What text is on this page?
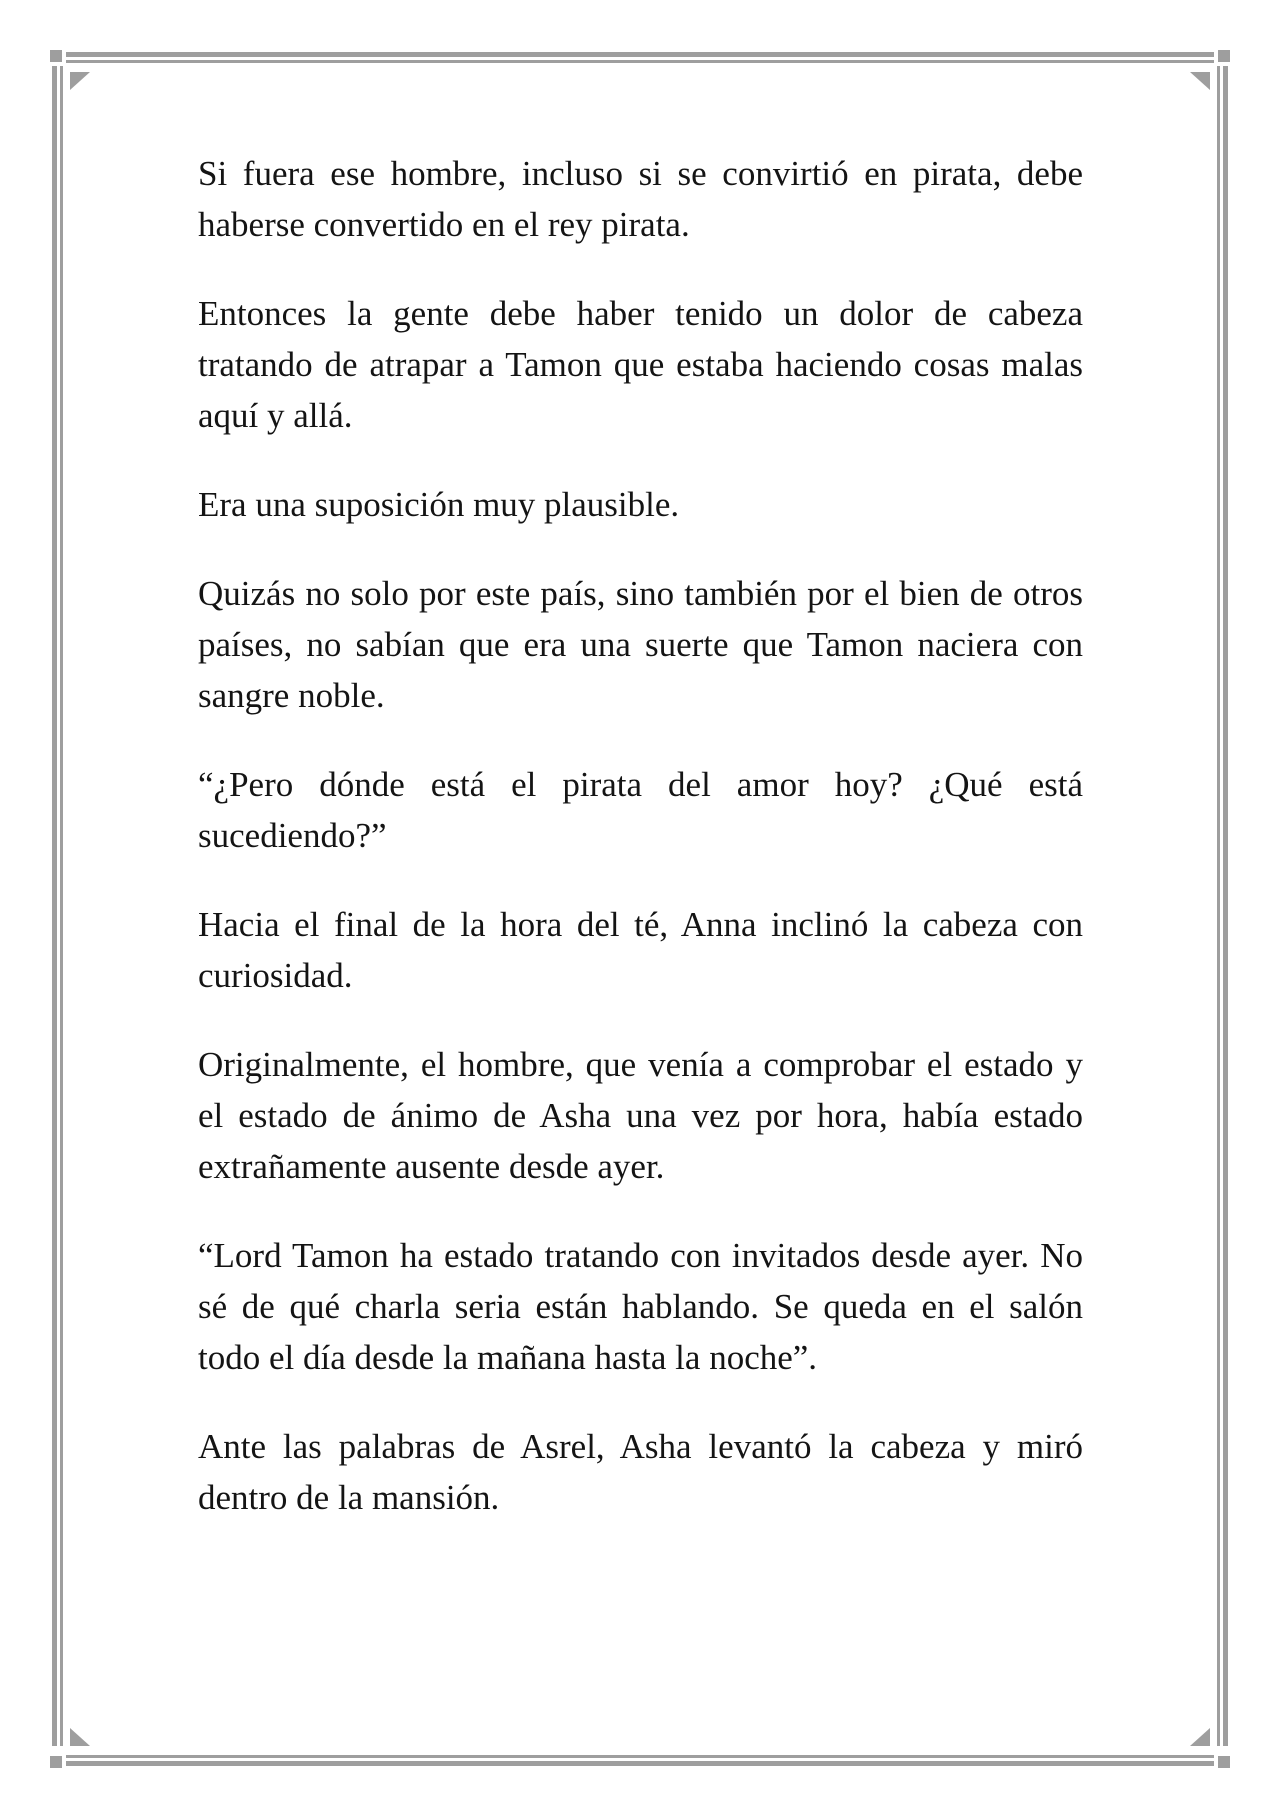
Si fuera ese hombre, incluso si se convirtió en pirata, debe haberse convertido en el rey pirata.

Entonces la gente debe haber tenido un dolor de cabeza tratando de atrapar a Tamon que estaba haciendo cosas malas aquí y allá.

Era una suposición muy plausible.

Quizás no solo por este país, sino también por el bien de otros países, no sabían que era una suerte que Tamon naciera con sangre noble.

“¿Pero dónde está el pirata del amor hoy? ¿Qué está sucediendo?”

Hacia el final de la hora del té, Anna inclinó la cabeza con curiosidad.

Originalmente, el hombre, que venía a comprobar el estado y el estado de ánimo de Asha una vez por hora, había estado extrañamente ausente desde ayer.

“Lord Tamon ha estado tratando con invitados desde ayer. No sé de qué charla seria están hablando. Se queda en el salón todo el día desde la mañana hasta la noche”.

Ante las palabras de Asrel, Asha levantó la cabeza y miró dentro de la mansión.
